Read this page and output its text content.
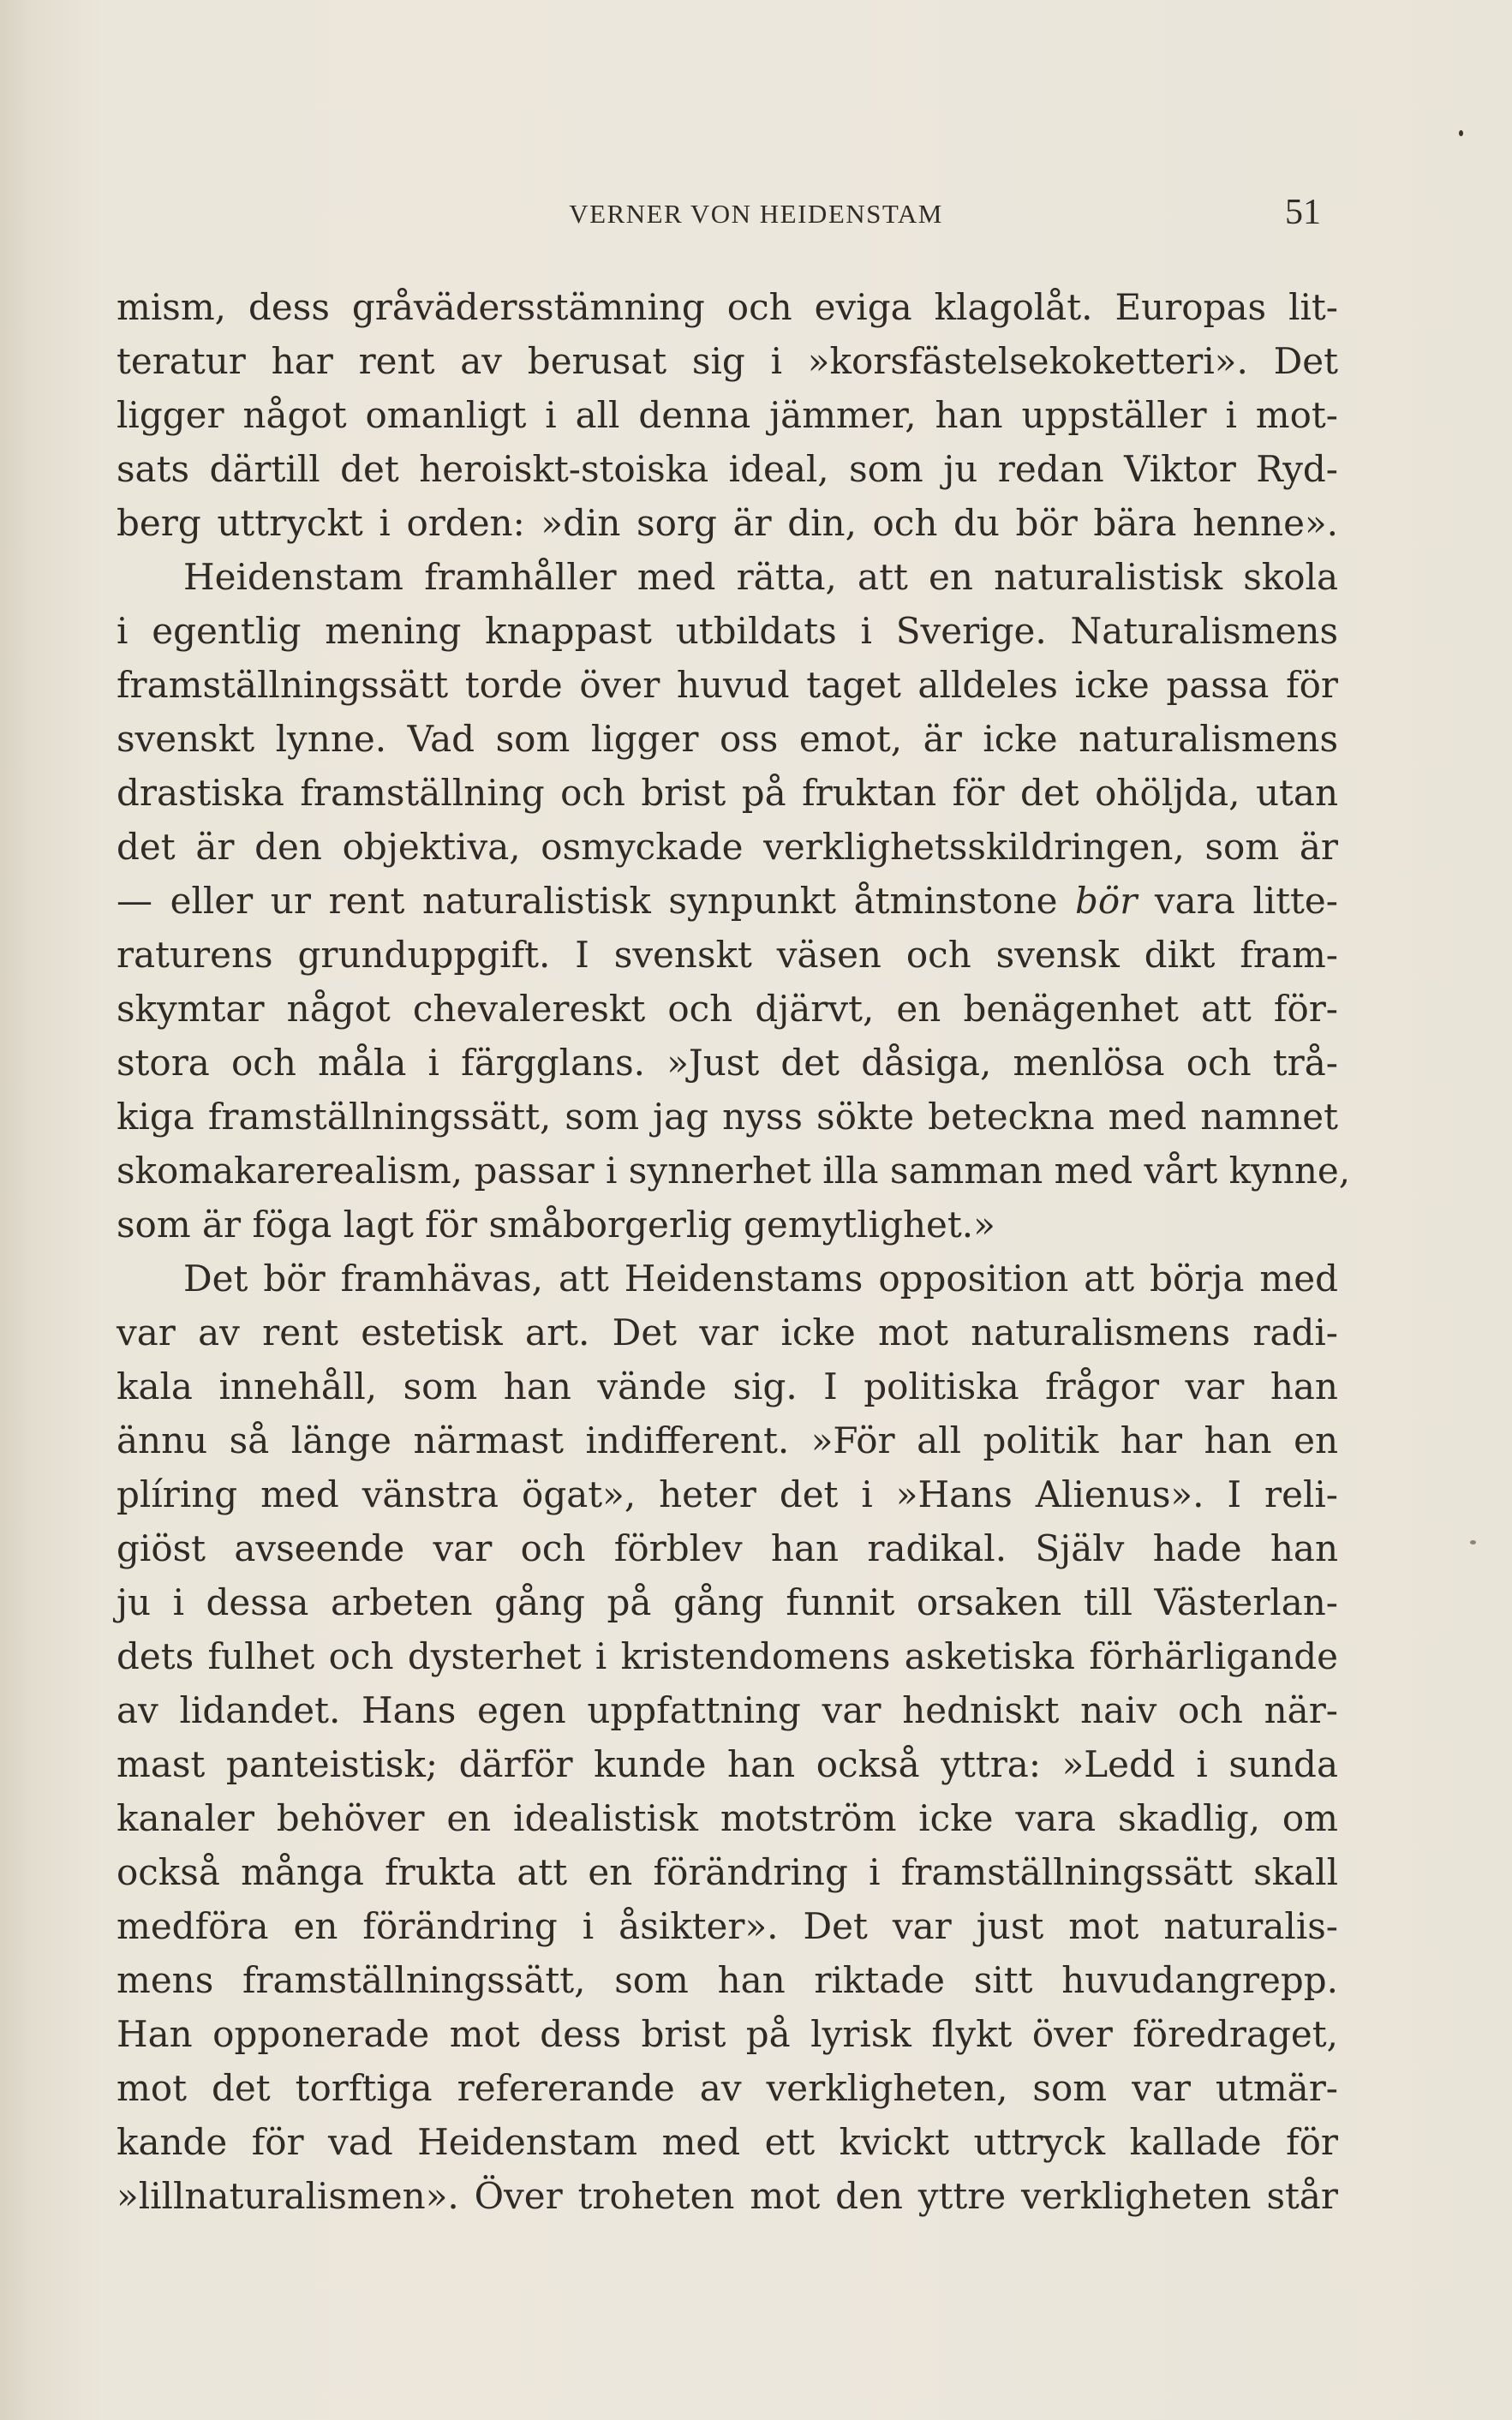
VERNER VON HEIDENSTAM	51
mism, dess gråvädersstämning och eviga klagolåt. Europas lit-
teratur har rent av berusat sig i »korsfästelsekoketteri». Det
ligger något omanligt i all denna jämmer, han uppställer i mot-
sats därtill det heroiskt-stoiska ideal, som ju redan Viktor Ryd-
berg uttryckt i orden: »din sorg är din, och du bör bära henne».
Heidenstam framhåller med rätta, att en naturalistisk skola
i egentlig mening knappast utbildats i Sverige. Naturalismens
framställningssätt torde över huvud taget alldeles icke passa för
svenskt lynne. Vad som ligger oss emot, är icke naturalismens
drastiska framställning och brist på fruktan för det ohöljda, utan
det är den objektiva, osmyckade verklighetsskildringen, som är
— eller ur rent naturalistisk synpunkt åtminstone bör vara litte-
raturens grunduppgift. I svenskt väsen och svensk dikt fram-
skymtar något chevalereskt och djärvt, en benägenhet att för-
stora och måla i färgglans. »Just det dåsiga, menlösa och trå-
kiga framställningssätt, som jag nyss sökte beteckna med namnet
skomakarerealism, passar i synnerhet illa samman med vårt kynne,
som är föga lagt för småborgerlig gemytlighet.»
Det bör framhävas, att Heidenstams opposition att börja med
var av rent estetisk art. Det var icke mot naturalismens radi-
kala innehåll, som han vände sig. I politiska frågor var han
ännu så länge närmast indifferent. »För all politik har han en
plíring med vänstra ögat», heter det i »Hans Alienus». I reli-
giöst avseende var och förblev han radikal. Själv hade han
ju i dessa arbeten gång på gång funnit orsaken till Västerlan-
dets fulhet och dysterhet i kristendomens asketiska förhärligande
av lidandet. Hans egen uppfattning var hedniskt naiv och när-
mast panteistisk; därför kunde han också yttra: »Ledd i sunda
kanaler behöver en idealistisk motström icke vara skadlig, om
också många frukta att en förändring i framställningssätt skall
medföra en förändring i åsikter». Det var just mot naturalis-
mens framställningssätt, som han riktade sitt huvudangrepp.
Han opponerade mot dess brist på lyrisk flykt över föredraget,
mot det torftiga refererande av verkligheten, som var utmär-
kande för vad Heidenstam med ett kvickt uttryck kallade för
»lillnaturalismen». Över troheten mot den yttre verkligheten står
